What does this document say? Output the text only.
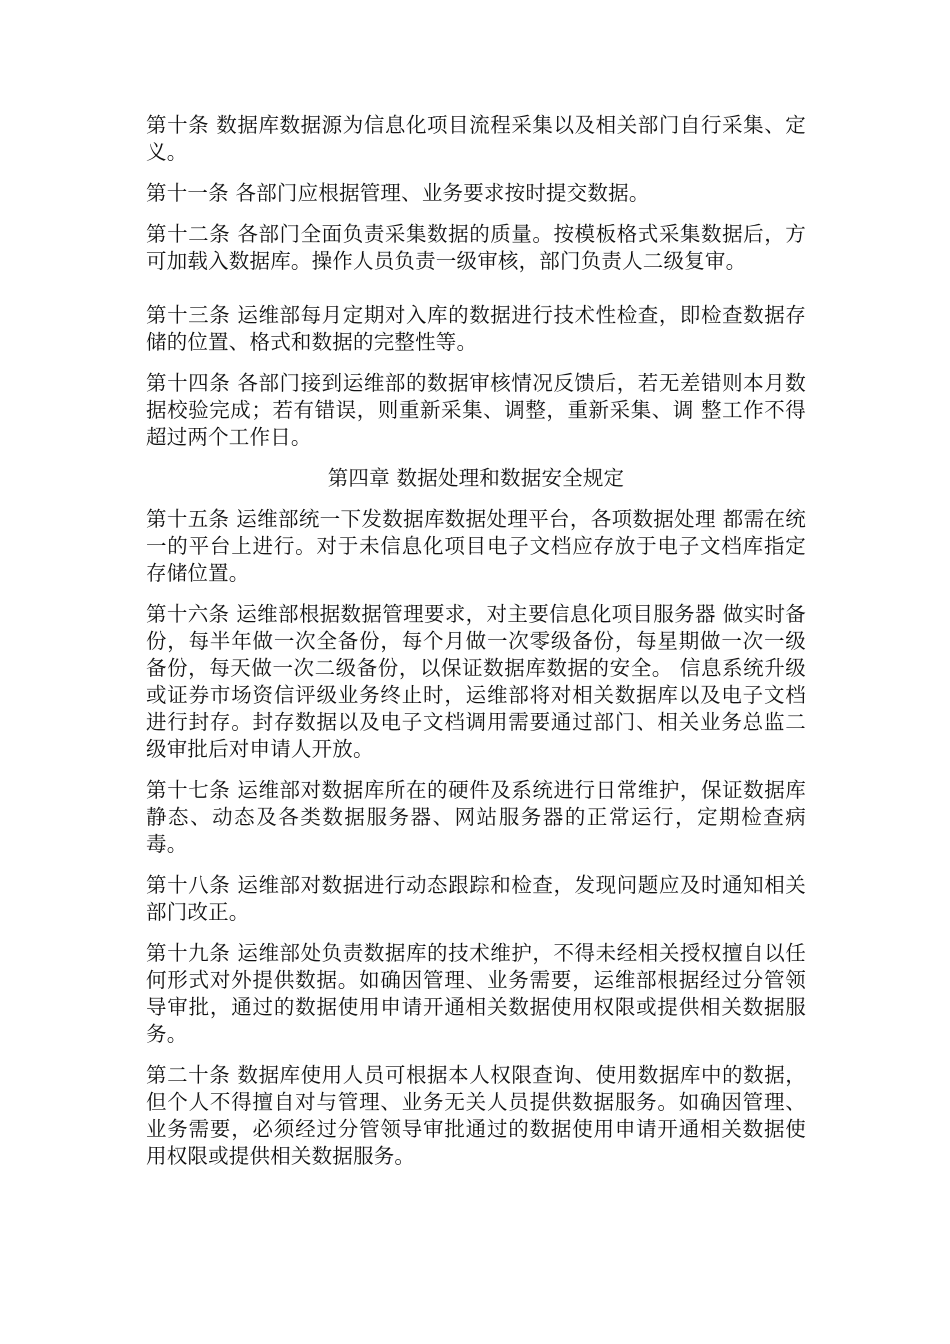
第十条 数据库数据源为信息化项目流程采集以及相关部门自行采集、定义。

第十一条 各部门应根据管理、业务要求按时提交数据。

第十二条 各部门全面负责采集数据的质量。按模板格式采集数据后，方可加载入数据库。操作人员负责一级审核，部门负责人二级复审。

第十三条 运维部每月定期对入库的数据进行技术性检查，即检查数据存储的位置、格式和数据的完整性等。

第十四条 各部门接到运维部的数据审核情况反馈后，若无差错则本月数据校验完成；若有错误，则重新采集、调整，重新采集、调 整工作不得超过两个工作日。

第四章 数据处理和数据安全规定

第十五条 运维部统一下发数据库数据处理平台，各项数据处理 都需在统一的平台上进行。对于未信息化项目电子文档应存放于电子文档库指定存储位置。

第十六条 运维部根据数据管理要求，对主要信息化项目服务器 做实时备份，每半年做一次全备份，每个月做一次零级备份，每星期做一次一级备份，每天做一次二级备份，以保证数据库数据的安全。 信息系统升级或证券市场资信评级业务终止时，运维部将对相关数据库以及电子文档进行封存。封存数据以及电子文档调用需要通过部门、相关业务总监二级审批后对申请人开放。

第十七条 运维部对数据库所在的硬件及系统进行日常维护，保证数据库静态、动态及各类数据服务器、网站服务器的正常运行，定期检查病毒。

第十八条 运维部对数据进行动态跟踪和检查，发现问题应及时通知相关部门改正。

第十九条 运维部处负责数据库的技术维护，不得未经相关授权擅自以任何形式对外提供数据。如确因管理、业务需要，运维部根据经过分管领导审批，通过的数据使用申请开通相关数据使用权限或提供相关数据服务。

第二十条 数据库使用人员可根据本人权限查询、使用数据库中的数据，但个人不得擅自对与管理、业务无关人员提供数据服务。如确因管理、业务需要，必须经过分管领导审批通过的数据使用申请开通相关数据使用权限或提供相关数据服务。
